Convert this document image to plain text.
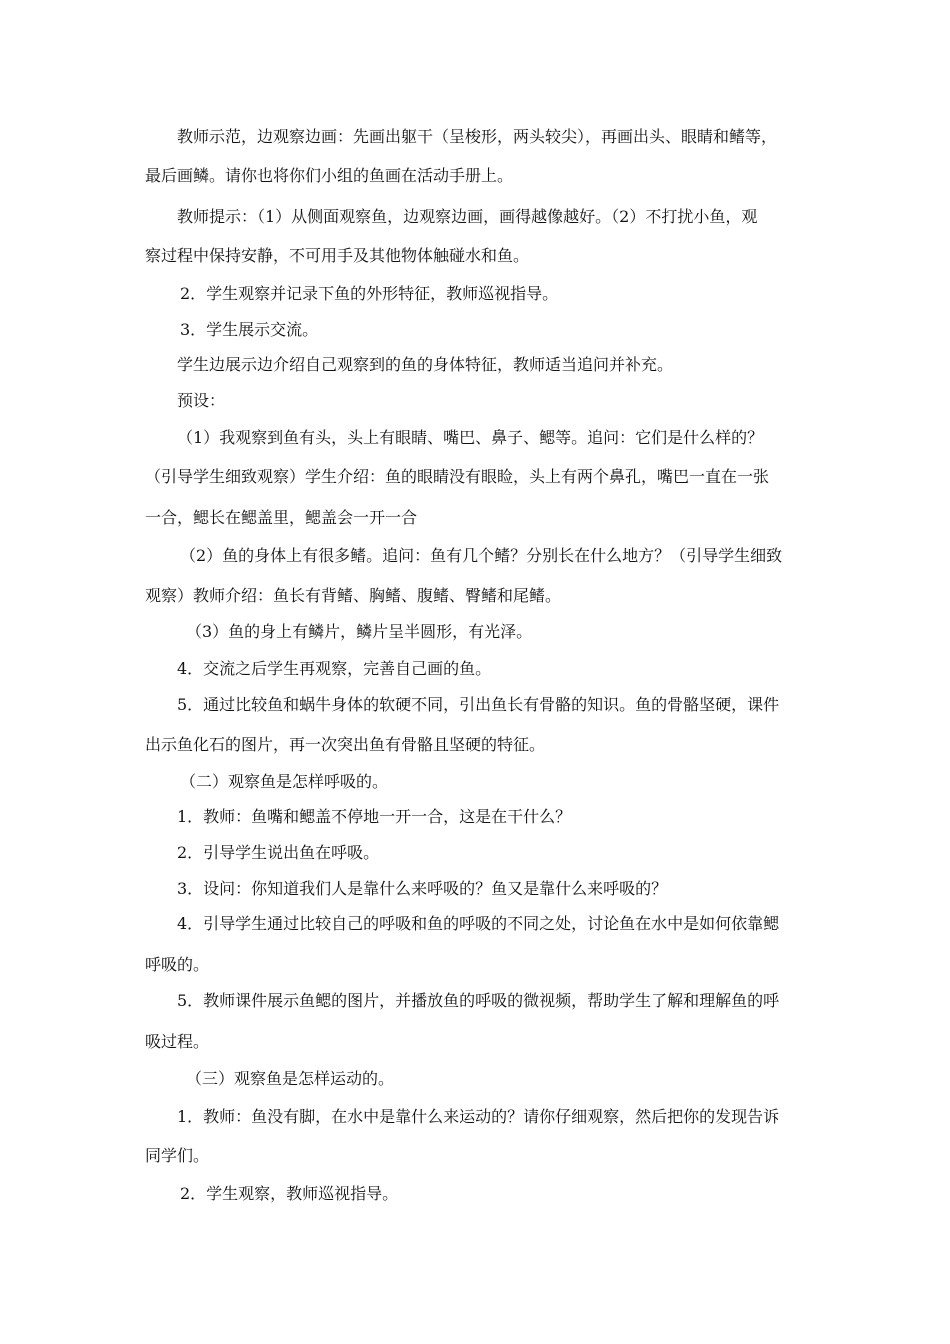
教师示范，边观察边画：先画出躯干（呈梭形，两头较尖），再画出头、眼睛和鳍等，
最后画鳞。请你也将你们小组的鱼画在活动手册上。
教师提示：（1）从侧面观察鱼，边观察边画，画得越像越好。（2）不打扰小鱼，观
察过程中保持安静，不可用手及其他物体触碰水和鱼。
2．学生观察并记录下鱼的外形特征，教师巡视指导。
3．学生展示交流。
学生边展示边介绍自己观察到的鱼的身体特征，教师适当追问并补充。
预设：
（1）我观察到鱼有头，头上有眼睛、嘴巴、鼻子、鳃等。追问：它们是什么样的？
（引导学生细致观察）学生介绍：鱼的眼睛没有眼睑，头上有两个鼻孔，嘴巴一直在一张
一合，鳃长在鳃盖里，鳃盖会一开一合
（2）鱼的身体上有很多鳍。追问：鱼有几个鳍？分别长在什么地方？（引导学生细致
观察）教师介绍：鱼长有背鳍、胸鳍、腹鳍、臀鳍和尾鳍。
（3）鱼的身上有鳞片，鳞片呈半圆形，有光泽。
4．交流之后学生再观察，完善自己画的鱼。
5．通过比较鱼和蜗牛身体的软硬不同，引出鱼长有骨骼的知识。鱼的骨骼坚硬，课件
出示鱼化石的图片，再一次突出鱼有骨骼且坚硬的特征。
（二）观察鱼是怎样呼吸的。
1．教师：鱼嘴和鳃盖不停地一开一合，这是在干什么？
2．引导学生说出鱼在呼吸。
3．设问：你知道我们人是靠什么来呼吸的？鱼又是靠什么来呼吸的？
4．引导学生通过比较自己的呼吸和鱼的呼吸的不同之处，讨论鱼在水中是如何依靠鳃
呼吸的。
5．教师课件展示鱼鳃的图片，并播放鱼的呼吸的微视频，帮助学生了解和理解鱼的呼
吸过程。
（三）观察鱼是怎样运动的。
1．教师：鱼没有脚，在水中是靠什么来运动的？请你仔细观察，然后把你的发现告诉
同学们。
2．学生观察，教师巡视指导。
